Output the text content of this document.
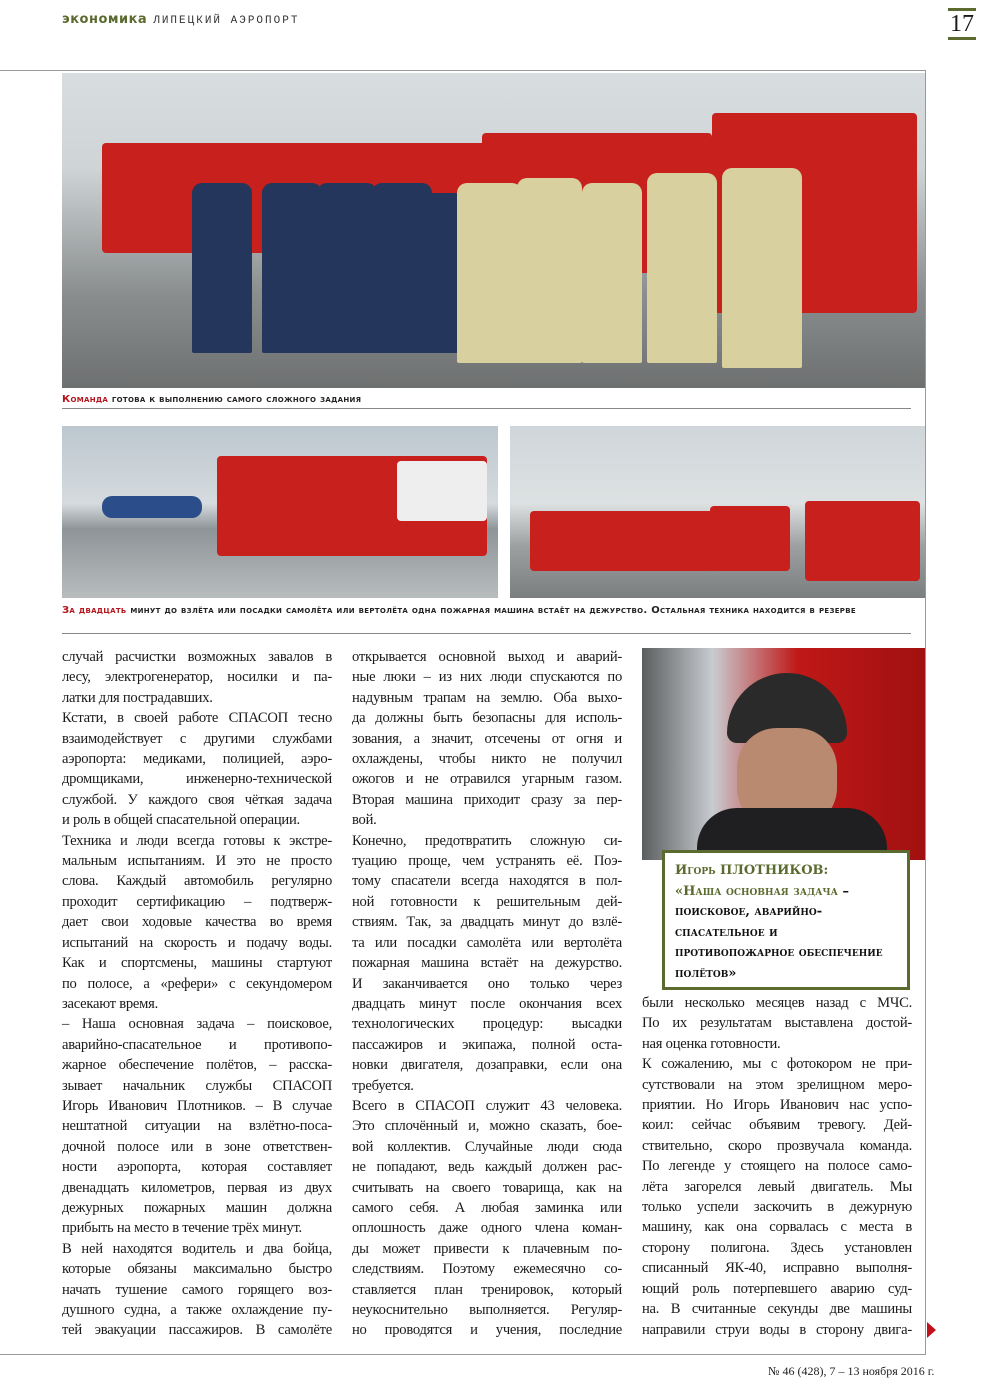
экономика ЛИПЕЦКИЙ АЭРОПОРТ	17
Команда готова к выполнению самого сложного задания
За двадцать минут до взлёта или посадки самолёта или вертолёта одна пожарная машина встаёт на дежурство. Остальная техника находится в резерве
Игорь ПЛОТНИКОВ:
«Наша основная задача – поисковое, аварийно-спасательное и противопожарное обеспечение полётов»
случай расчистки возможных завалов в
лесу, электрогенератор, носилки и па-
латки для пострадавших.
Кстати, в своей работе СПАСОП тесно
взаимодействует с другими службами
аэропорта: медиками, полицией, аэро-
дромщиками, инженерно-технической
службой. У каждого своя чёткая задача
и роль в общей спасательной операции.
Техника и люди всегда готовы к экстре-
мальным испытаниям. И это не просто
слова. Каждый автомобиль регулярно
проходит сертификацию – подтверж-
дает свои ходовые качества во время
испытаний на скорость и подачу воды.
Как и спортсмены, машины стартуют
по полосе, а «рефери» с секундомером
засекают время.
– Наша основная задача – поисковое,
аварийно-спасательное и противопо-
жарное обеспечение полётов, – расска-
зывает начальник службы СПАСОП
Игорь Иванович Плотников. – В случае
нештатной ситуации на взлётно-поса-
дочной полосе или в зоне ответствен-
ности аэропорта, которая составляет
двенадцать километров, первая из двух
дежурных пожарных машин должна
прибыть на место в течение трёх минут.
В ней находятся водитель и два бойца,
которые обязаны максимально быстро
начать тушение самого горящего воз-
душного судна, а также охлаждение пу-
тей эвакуации пассажиров. В самолёте
открывается основной выход и аварий-
ные люки – из них люди спускаются по
надувным трапам на землю. Оба выхо-
да должны быть безопасны для исполь-
зования, а значит, отсечены от огня и
охлаждены, чтобы никто не получил
ожогов и не отравился угарным газом.
Вторая машина приходит сразу за пер-
вой.
Конечно, предотвратить сложную си-
туацию проще, чем устранять её. Поэ-
тому спасатели всегда находятся в пол-
ной готовности к решительным дей-
ствиям. Так, за двадцать минут до взлё-
та или посадки самолёта или вертолёта
пожарная машина встаёт на дежурство.
И заканчивается оно только через
двадцать минут после окончания всех
технологических процедур: высадки
пассажиров и экипажа, полной оста-
новки двигателя, дозаправки, если она
требуется.
Всего в СПАСОП служит 43 человека.
Это сплочённый и, можно сказать, бое-
вой коллектив. Случайные люди сюда
не попадают, ведь каждый должен рас-
считывать на своего товарища, как на
самого себя. А любая заминка или
оплошность даже одного члена коман-
ды может привести к плачевным по-
следствиям. Поэтому ежемесячно со-
ставляется план тренировок, который
неукоснительно выполняется. Регуляр-
но проводятся и учения, последние
были несколько месяцев назад с МЧС.
По их результатам выставлена достой-
ная оценка готовности.
К сожалению, мы с фотокором не при-
сутствовали на этом зрелищном меро-
приятии. Но Игорь Иванович нас успо-
коил: сейчас объявим тревогу. Дей-
ствительно, скоро прозвучала команда.
По легенде у стоящего на полосе само-
лёта загорелся левый двигатель. Мы
только успели заскочить в дежурную
машину, как она сорвалась с места в
сторону полигона. Здесь установлен
списанный ЯК-40, исправно выполня-
ющий роль потерпевшего аварию суд-
на. В считанные секунды две машины
направили струи воды в сторону двига-
№ 46 (428), 7 – 13 ноября 2016 г.
